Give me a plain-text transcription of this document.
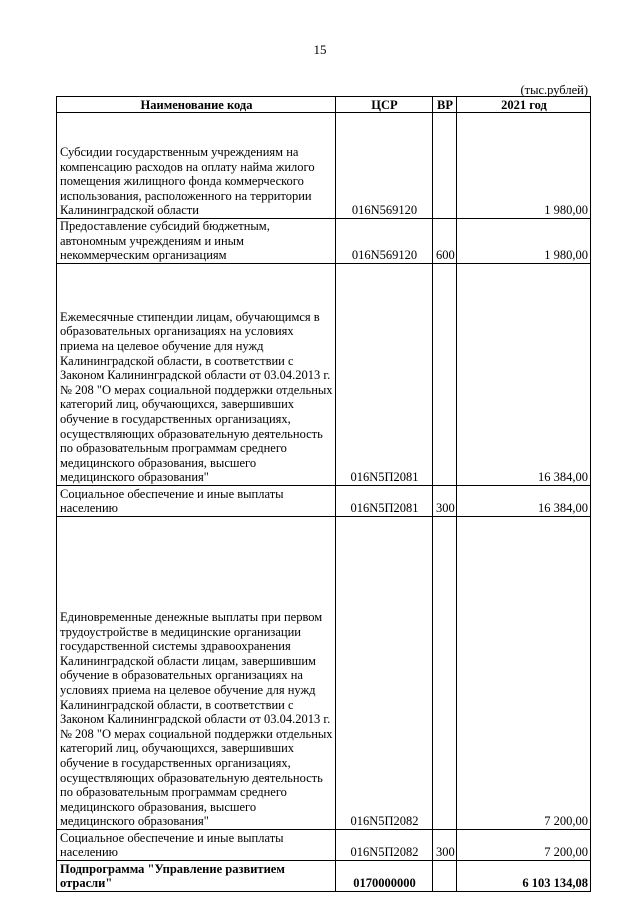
15
(тыс.рублей)
Наименование кода	ЦСР	ВР	2021 год
Субсидии государственным учреждениям на компенсацию расходов на оплату найма жилого помещения жилищного фонда коммерческого использования, расположенного на территории Калининградской области	016N569120		1 980,00
Предоставление субсидий бюджетным, автономным учреждениям и иным некоммерческим организациям	016N569120	600	1 980,00
Ежемесячные стипендии лицам, обучающимся в образовательных организациях на условиях приема на целевое обучение для нужд Калининградской области, в соответствии с Законом Калининградской области от 03.04.2013 г. № 208 "О мерах социальной поддержки отдельных категорий лиц, обучающихся, завершивших обучение в государственных организациях, осуществляющих образовательную деятельность по образовательным программам среднего медицинского образования, высшего медицинского образования"	016N5П2081		16 384,00
Социальное обеспечение и иные выплаты населению	016N5П2081	300	16 384,00
Единовременные денежные выплаты при первом трудоустройстве в медицинские организации государственной системы здравоохранения Калининградской области лицам, завершившим обучение в образовательных организациях на условиях приема на целевое обучение для нужд Калининградской области, в соответствии с Законом Калининградской области от 03.04.2013 г. № 208 "О мерах социальной поддержки отдельных категорий лиц, обучающихся, завершивших обучение в государственных организациях, осуществляющих образовательную деятельность по образовательным программам среднего медицинского образования, высшего медицинского образования"	016N5П2082		7 200,00
Социальное обеспечение и иные выплаты населению	016N5П2082	300	7 200,00
Подпрограмма "Управление развитием отрасли"	0170000000		6 103 134,08
